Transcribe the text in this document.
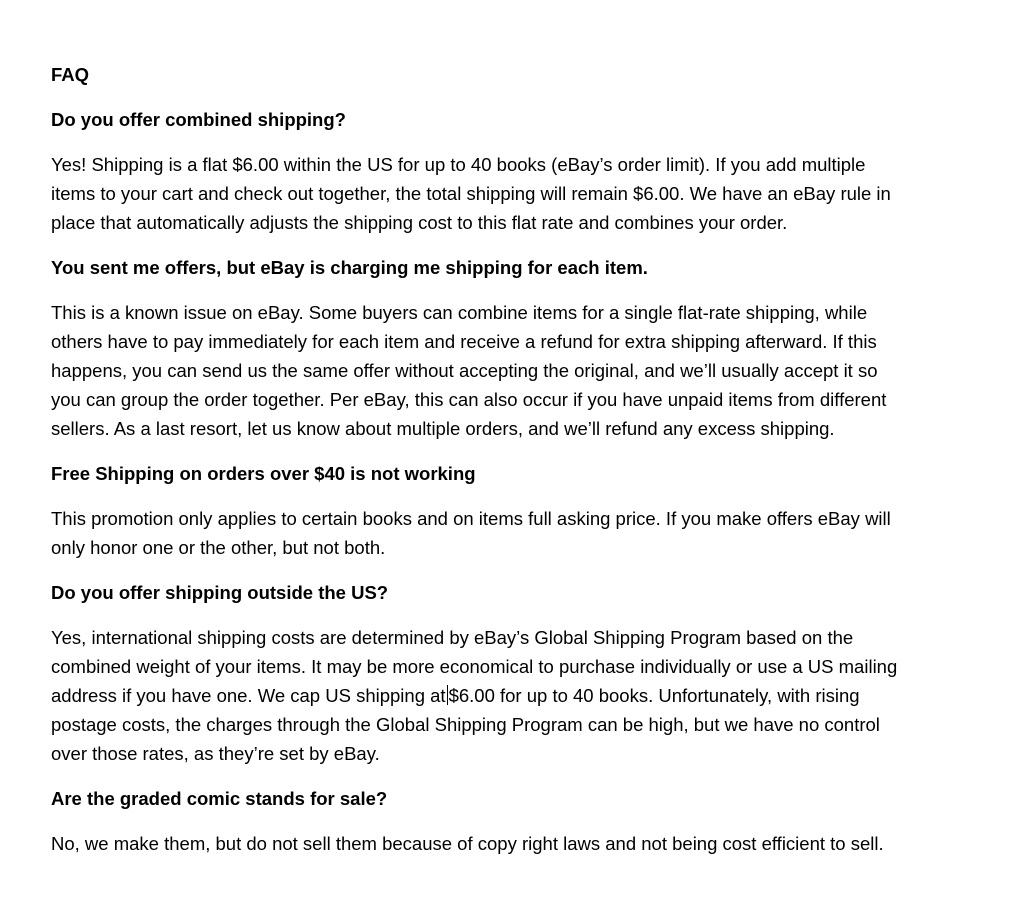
FAQ
Do you offer combined shipping?
Yes! Shipping is a flat $6.00 within the US for up to 40 books (eBay’s order limit). If you add multiple
items to your cart and check out together, the total shipping will remain $6.00. We have an eBay rule in
place that automatically adjusts the shipping cost to this flat rate and combines your order.
You sent me offers, but eBay is charging me shipping for each item.
This is a known issue on eBay. Some buyers can combine items for a single flat-rate shipping, while
others have to pay immediately for each item and receive a refund for extra shipping afterward. If this
happens, you can send us the same offer without accepting the original, and we’ll usually accept it so
you can group the order together. Per eBay, this can also occur if you have unpaid items from different
sellers. As a last resort, let us know about multiple orders, and we’ll refund any excess shipping.
Free Shipping on orders over $40 is not working
This promotion only applies to certain books and on items full asking price. If you make offers eBay will
only honor one or the other, but not both.
Do you offer shipping outside the US?
Yes, international shipping costs are determined by eBay’s Global Shipping Program based on the
combined weight of your items. It may be more economical to purchase individually or use a US mailing
address if you have one. We cap US shipping at $6.00 for up to 40 books. Unfortunately, with rising
postage costs, the charges through the Global Shipping Program can be high, but we have no control
over those rates, as they’re set by eBay.
Are the graded comic stands for sale?
No, we make them, but do not sell them because of copy right laws and not being cost efficient to sell.
